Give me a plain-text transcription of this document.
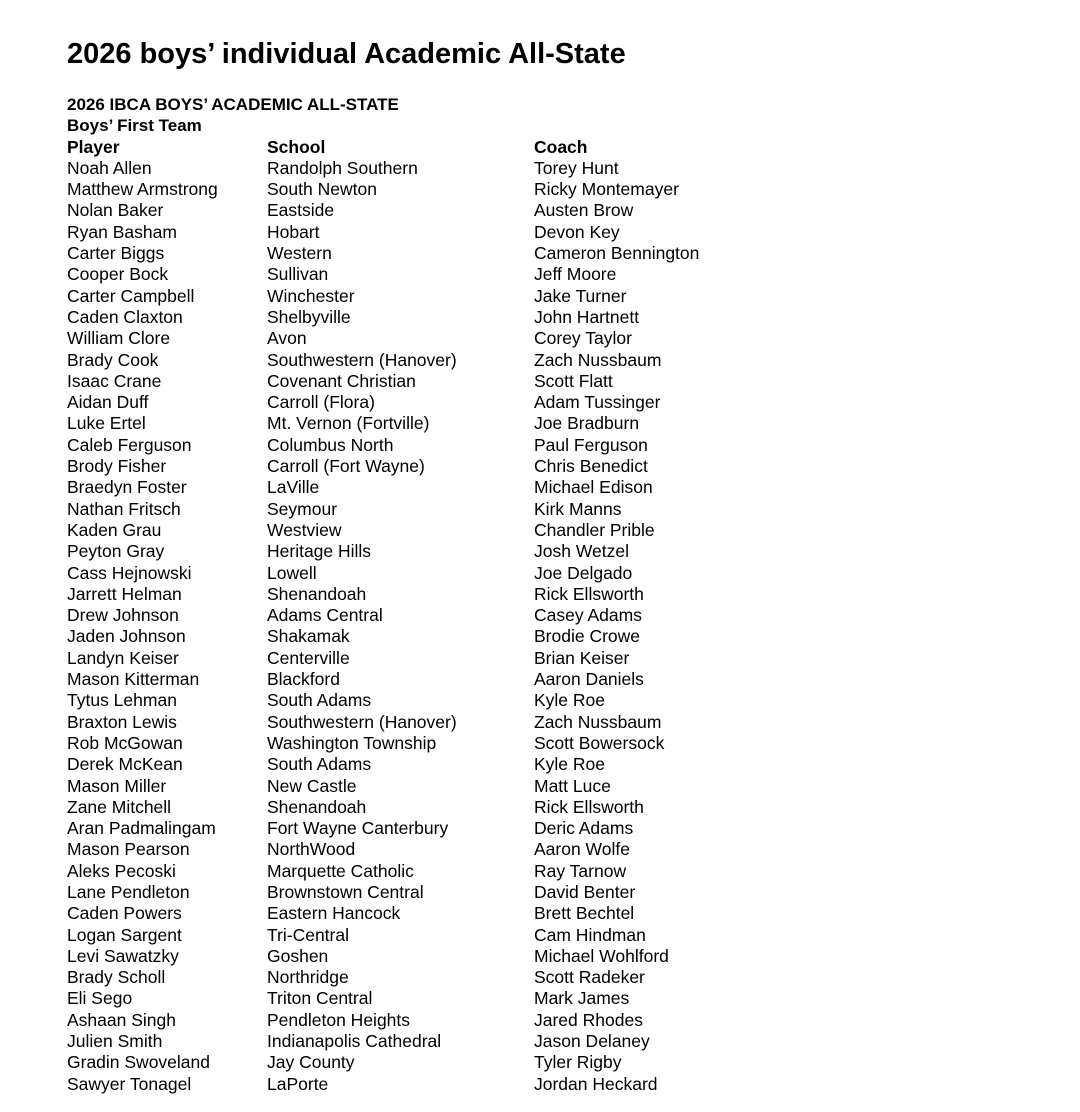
2026 boys’ individual Academic All-State
2026 IBCA BOYS’ ACADEMIC ALL-STATE
Boys’ First Team
Player	School	Coach
Noah Allen	Randolph Southern	Torey Hunt
Matthew Armstrong	South Newton	Ricky Montemayer
Nolan Baker	Eastside	Austen Brow
Ryan Basham	Hobart	Devon Key
Carter Biggs	Western	Cameron Bennington
Cooper Bock	Sullivan	Jeff Moore
Carter Campbell	Winchester	Jake Turner
Caden Claxton	Shelbyville	John Hartnett
William Clore	Avon	Corey Taylor
Brady Cook	Southwestern (Hanover)	Zach Nussbaum
Isaac Crane	Covenant Christian	Scott Flatt
Aidan Duff	Carroll (Flora)	Adam Tussinger
Luke Ertel	Mt. Vernon (Fortville)	Joe Bradburn
Caleb Ferguson	Columbus North	Paul Ferguson
Brody Fisher	Carroll (Fort Wayne)	Chris Benedict
Braedyn Foster	LaVille	Michael Edison
Nathan Fritsch	Seymour	Kirk Manns
Kaden Grau	Westview	Chandler Prible
Peyton Gray	Heritage Hills	Josh Wetzel
Cass Hejnowski	Lowell	Joe Delgado
Jarrett Helman	Shenandoah	Rick Ellsworth
Drew Johnson	Adams Central	Casey Adams
Jaden Johnson	Shakamak	Brodie Crowe
Landyn Keiser	Centerville	Brian Keiser
Mason Kitterman	Blackford	Aaron Daniels
Tytus Lehman	South Adams	Kyle Roe
Braxton Lewis	Southwestern (Hanover)	Zach Nussbaum
Rob McGowan	Washington Township	Scott Bowersock
Derek McKean	South Adams	Kyle Roe
Mason Miller	New Castle	Matt Luce
Zane Mitchell	Shenandoah	Rick Ellsworth
Aran Padmalingam	Fort Wayne Canterbury	Deric Adams
Mason Pearson	NorthWood	Aaron Wolfe
Aleks Pecoski	Marquette Catholic	Ray Tarnow
Lane Pendleton	Brownstown Central	David Benter
Caden Powers	Eastern Hancock	Brett Bechtel
Logan Sargent	Tri-Central	Cam Hindman
Levi Sawatzky	Goshen	Michael Wohlford
Brady Scholl	Northridge	Scott Radeker
Eli Sego	Triton Central	Mark James
Ashaan Singh	Pendleton Heights	Jared Rhodes
Julien Smith	Indianapolis Cathedral	Jason Delaney
Gradin Swoveland	Jay County	Tyler Rigby
Sawyer Tonagel	LaPorte	Jordan Heckard
